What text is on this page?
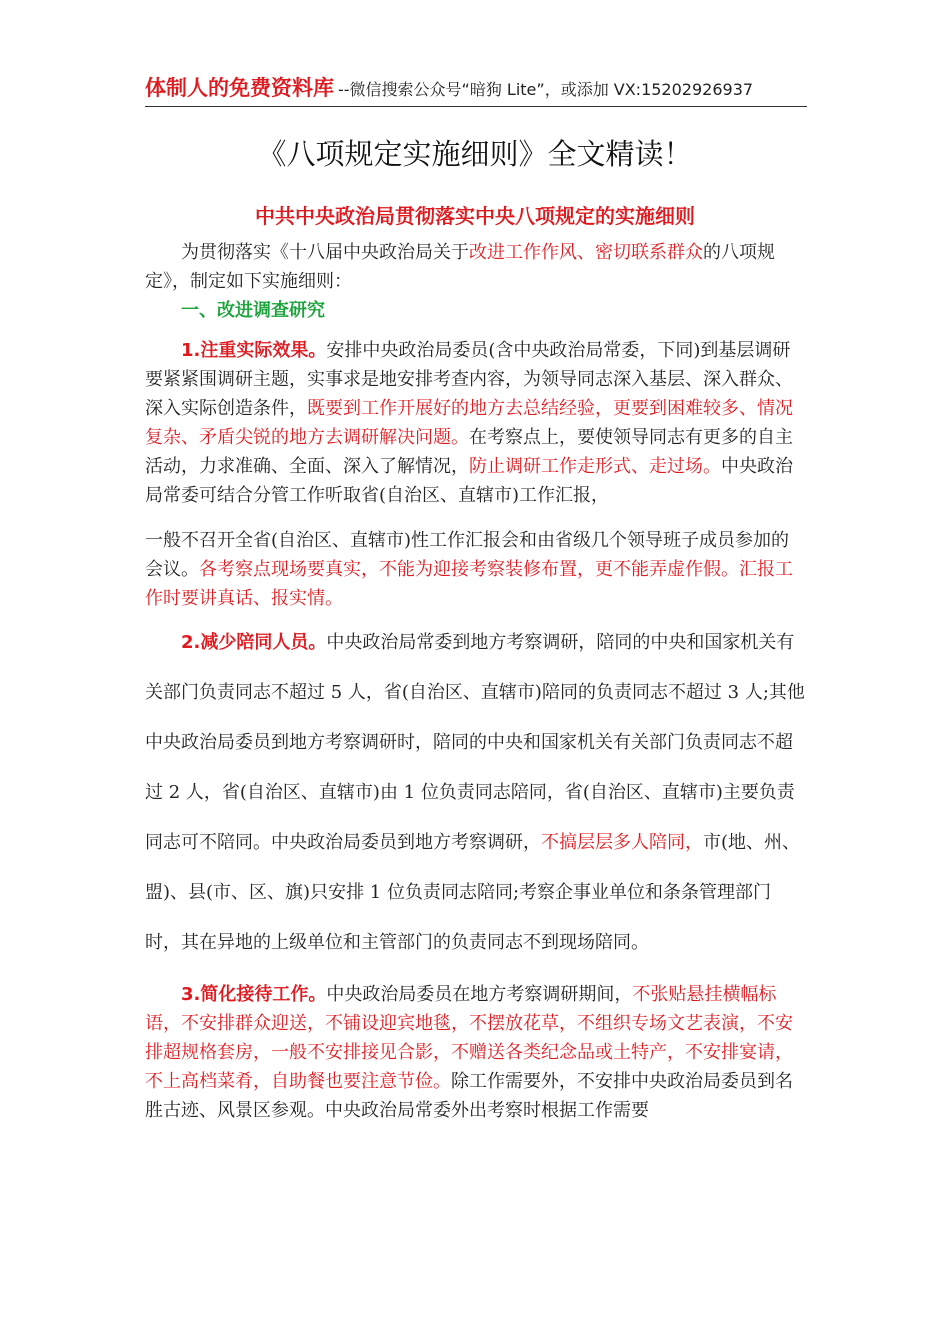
体制人的免费资料库 --微信搜索公众号“暗狗 Lite”，或添加 VX:15202926937
《八项规定实施细则》全文精读！
中共中央政治局贯彻落实中央八项规定的实施细则

为贯彻落实《十八届中央政治局关于改进工作作风、密切联系群众的八项规定》，制定如下实施细则：

一、改进调查研究

1.注重实际效果。安排中央政治局委员(含中央政治局常委，下同)到基层调研要紧紧围调研主题，实事求是地安排考查内容，为领导同志深入基层、深入群众、深入实际创造条件，既要到工作开展好的地方去总结经验，更要到困难较多、情况复杂、矛盾尖锐的地方去调研解决问题。在考察点上，要使领导同志有更多的自主活动，力求准确、全面、深入了解情况，防止调研工作走形式、走过场。中央政治局常委可结合分管工作听取省(自治区、直辖市)工作汇报，

一般不召开全省(自治区、直辖市)性工作汇报会和由省级几个领导班子成员参加的会议。各考察点现场要真实，不能为迎接考察装修布置，更不能弄虚作假。汇报工作时要讲真话、报实情。

2.减少陪同人员。中央政治局常委到地方考察调研，陪同的中央和国家机关有关部门负责同志不超过 5 人，省(自治区、直辖市)陪同的负责同志不超过 3 人;其他中央政治局委员到地方考察调研时，陪同的中央和国家机关有关部门负责同志不超过 2 人，省(自治区、直辖市)由 1 位负责同志陪同，省(自治区、直辖市)主要负责同志可不陪同。中央政治局委员到地方考察调研，不搞层层多人陪同，市(地、州、盟)、县(市、区、旗)只安排 1 位负责同志陪同;考察企事业单位和条条管理部门时，其在异地的上级单位和主管部门的负责同志不到现场陪同。

3.简化接待工作。中央政治局委员在地方考察调研期间，不张贴悬挂横幅标语，不安排群众迎送，不铺设迎宾地毯，不摆放花草，不组织专场文艺表演，不安排超规格套房，一般不安排接见合影，不赠送各类纪念品或土特产，不安排宴请，不上高档菜肴，自助餐也要注意节俭。除工作需要外，不安排中央政治局委员到名胜古迹、风景区参观。中央政治局常委外出考察时根据工作需要
